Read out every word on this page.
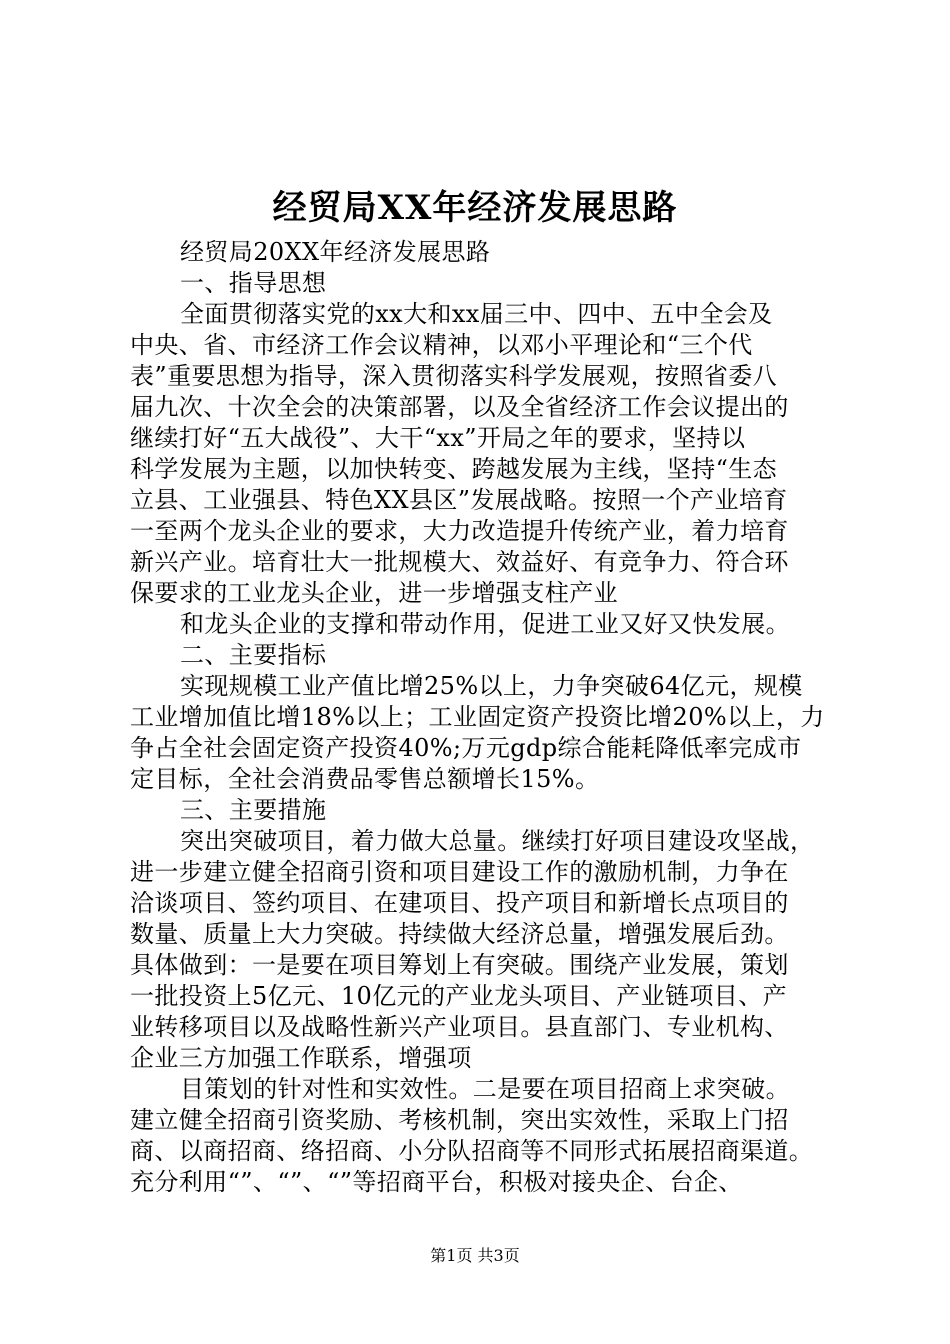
经贸局XX年经济发展思路
经贸局20XX年经济发展思路
一、指导思想
全面贯彻落实党的xx大和xx届三中、四中、五中全会及
中央、省、市经济工作会议精神，以邓小平理论和“三个代
表”重要思想为指导，深入贯彻落实科学发展观，按照省委八
届九次、十次全会的决策部署，以及全省经济工作会议提出的
继续打好“五大战役”、大干“xx”开局之年的要求，坚持以
科学发展为主题，以加快转变、跨越发展为主线，坚持“生态
立县、工业强县、特色XX县区”发展战略。按照一个产业培育
一至两个龙头企业的要求，大力改造提升传统产业，着力培育
新兴产业。培育壮大一批规模大、效益好、有竞争力、符合环
保要求的工业龙头企业，进一步增强支柱产业
和龙头企业的支撑和带动作用，促进工业又好又快发展。
二、主要指标
实现规模工业产值比增25%以上，力争突破64亿元，规模
工业增加值比增18%以上；工业固定资产投资比增20%以上，力
争占全社会固定资产投资40%;万元gdp综合能耗降低率完成市
定目标，全社会消费品零售总额增长15%。
三、主要措施
突出突破项目，着力做大总量。继续打好项目建设攻坚战，
进一步建立健全招商引资和项目建设工作的激励机制，力争在
洽谈项目、签约项目、在建项目、投产项目和新增长点项目的
数量、质量上大力突破。持续做大经济总量，增强发展后劲。
具体做到：一是要在项目筹划上有突破。围绕产业发展，策划
一批投资上5亿元、10亿元的产业龙头项目、产业链项目、产
业转移项目以及战略性新兴产业项目。县直部门、专业机构、
企业三方加强工作联系，增强项
目策划的针对性和实效性。二是要在项目招商上求突破。
建立健全招商引资奖励、考核机制，突出实效性，采取上门招
商、以商招商、络招商、小分队招商等不同形式拓展招商渠道。
充分利用“”、“”、“”等招商平台，积极对接央企、台企、
第1页 共3页
